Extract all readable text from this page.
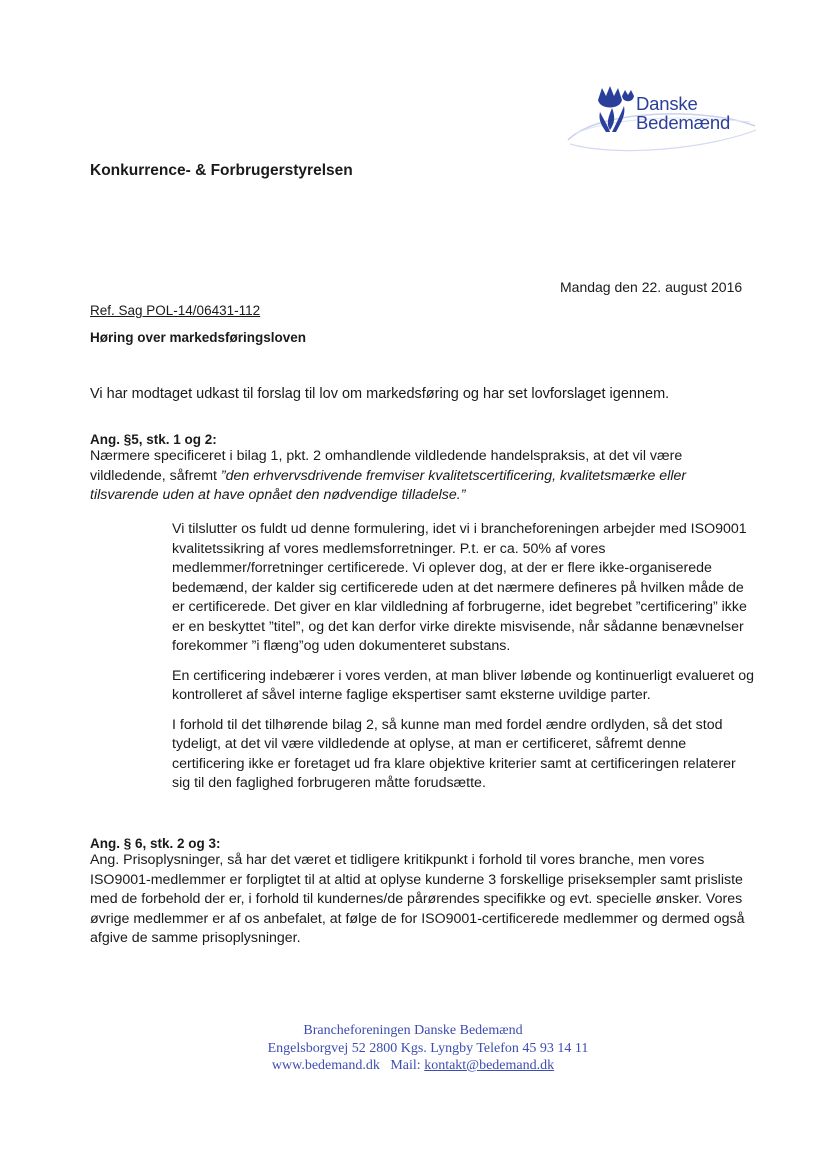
Danske
Bedemænd
Konkurrence- & Forbrugerstyrelsen
Mandag den 22. august 2016
Ref. Sag POL-14/06431-112
Høring over markedsføringsloven
Vi har modtaget udkast til forslag til lov om markedsføring og har set lovforslaget igennem.

Ang. §5, stk. 1 og 2:

Nærmere specificeret i bilag 1, pkt. 2 omhandlende vildledende handelspraksis, at det vil være vildledende, såfremt ”den erhvervsdrivende fremviser kvalitetscertificering, kvalitetsmærke eller tilsvarende uden at have opnået den nødvendige tilladelse.”

Vi tilslutter os fuldt ud denne formulering, idet vi i brancheforeningen arbejder med ISO9001 kvalitetssikring af vores medlemsforretninger. P.t. er ca. 50% af vores medlemmer/forretninger certificerede. Vi oplever dog, at der er flere ikke-organiserede bedemænd, der kalder sig certificerede uden at det nærmere defineres på hvilken måde de er certificerede. Det giver en klar vildledning af forbrugerne, idet begrebet ”certificering” ikke er en beskyttet ”titel”, og det kan derfor virke direkte misvisende, når sådanne benævnelser forekommer ”i flæng”og uden dokumenteret substans.

En certificering indebærer i vores verden, at man bliver løbende og kontinuerligt evalueret og kontrolleret af såvel interne faglige ekspertiser samt eksterne uvildige parter.

I forhold til det tilhørende bilag 2, så kunne man med fordel ændre ordlyden, så det stod tydeligt, at det vil være vildledende at oplyse, at man er certificeret, såfremt denne certificering ikke er foretaget ud fra klare objektive kriterier samt at certificeringen relaterer sig til den faglighed forbrugeren måtte forudsætte.

Ang. § 6, stk. 2 og 3:

Ang. Prisoplysninger, så har det været et tidligere kritikpunkt i forhold til vores branche, men vores ISO9001-medlemmer er forpligtet til at altid at oplyse kunderne 3 forskellige priseksempler samt prisliste med de forbehold der er, i forhold til kundernes/de pårørendes specifikke og evt. specielle ønsker. Vores øvrige medlemmer er af os anbefalet, at følge de for ISO9001-certificerede medlemmer og dermed også afgive de samme prisoplysninger.

Brancheforeningen Danske Bedemænd
Engelsborgvej 52 2800 Kgs. Lyngby Telefon 45 93 14 11
www.bedemand.dk Mail: kontakt@bedemand.dk
